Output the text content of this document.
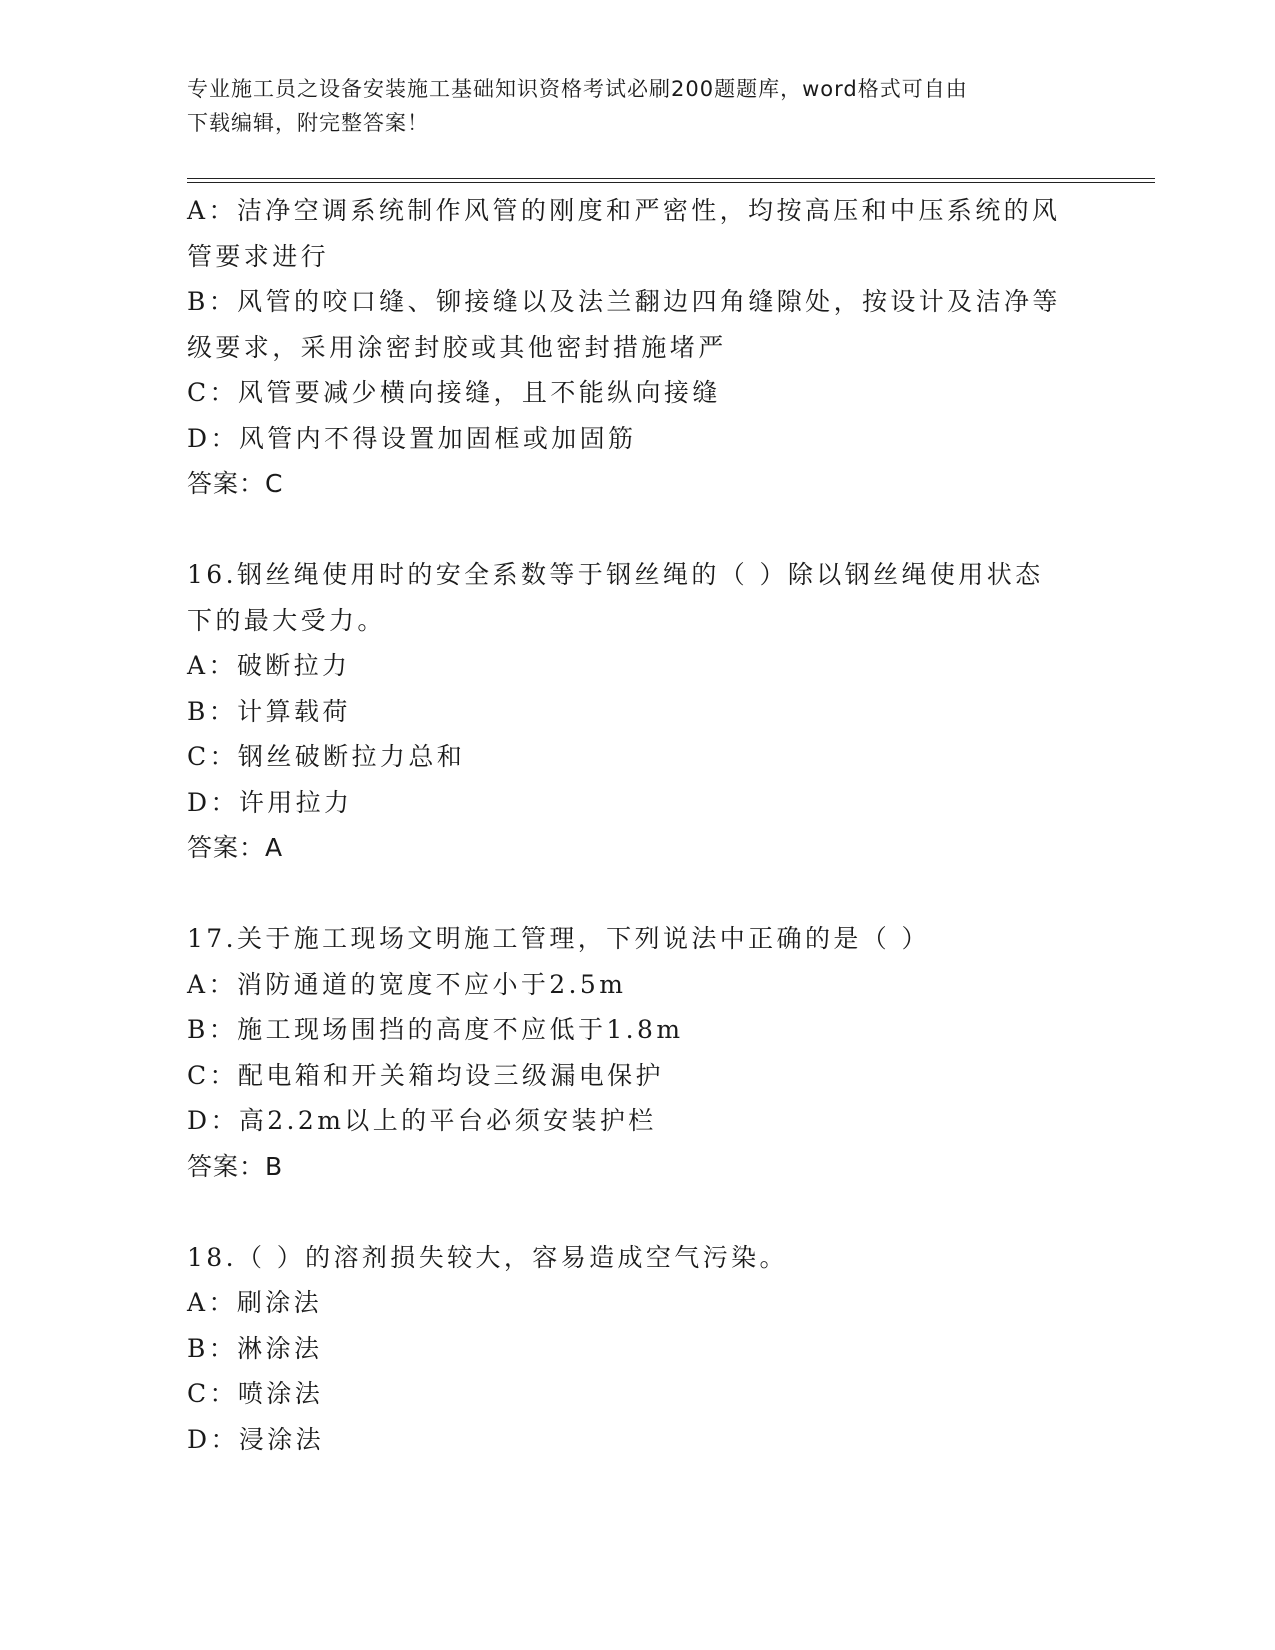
专业施工员之设备安装施工基础知识资格考试必刷200题题库，word格式可自由
下载编辑，附完整答案！
A：洁净空调系统制作风管的刚度和严密性，均按高压和中压系统的风
管要求进行
B：风管的咬口缝、铆接缝以及法兰翻边四角缝隙处，按设计及洁净等
级要求，采用涂密封胶或其他密封措施堵严
C：风管要减少横向接缝，且不能纵向接缝
D：风管内不得设置加固框或加固筋
答案：C
16.钢丝绳使用时的安全系数等于钢丝绳的（ ）除以钢丝绳使用状态
下的最大受力。
A：破断拉力
B：计算载荷
C：钢丝破断拉力总和
D：许用拉力
答案：A
17.关于施工现场文明施工管理，下列说法中正确的是（ ）
A：消防通道的宽度不应小于2.5m
B：施工现场围挡的高度不应低于1.8m
C：配电箱和开关箱均设三级漏电保护
D：高2.2m以上的平台必须安装护栏
答案：B
18.（ ）的溶剂损失较大，容易造成空气污染。
A：刷涂法
B：淋涂法
C：喷涂法
D：浸涂法
